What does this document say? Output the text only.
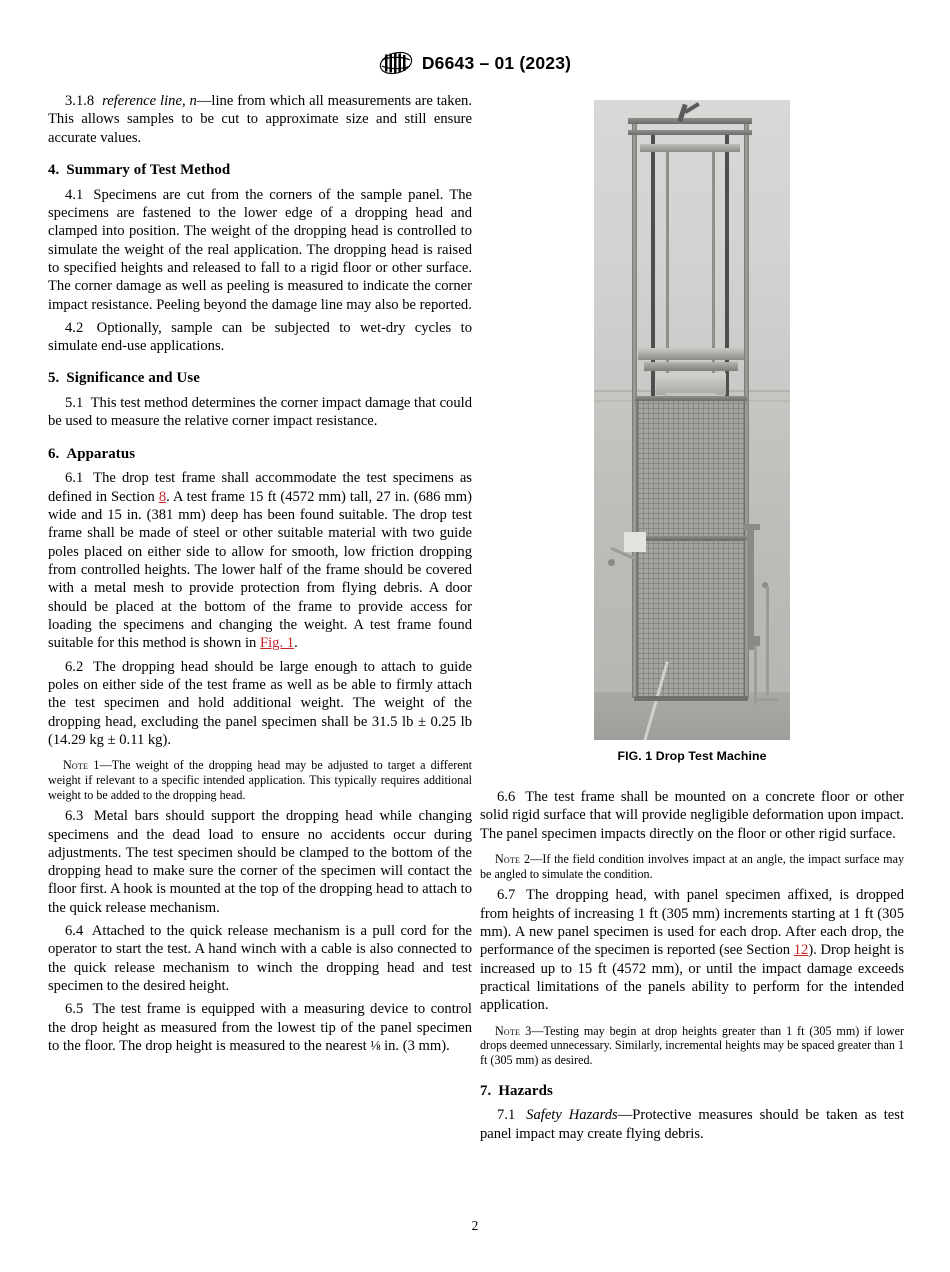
D6643 – 01 (2023)

3.1.8 reference line, n—line from which all measurements are taken. This allows samples to be cut to approximate size and still ensure accurate values.

4. Summary of Test Method

4.1 Specimens are cut from the corners of the sample panel. The specimens are fastened to the lower edge of a dropping head and clamped into position. The weight of the dropping head is controlled to simulate the weight of the real application. The dropping head is raised to specified heights and released to fall to a rigid floor or other surface. The corner damage as well as peeling is measured to indicate the corner impact resistance. Peeling beyond the damage line may also be reported.

4.2 Optionally, sample can be subjected to wet-dry cycles to simulate end-use applications.

5. Significance and Use

5.1 This test method determines the corner impact damage that could be used to measure the relative corner impact resistance.

6. Apparatus

6.1 The drop test frame shall accommodate the test specimens as defined in Section 8. A test frame 15 ft (4572 mm) tall, 27 in. (686 mm) wide and 15 in. (381 mm) deep has been found suitable. The drop test frame shall be made of steel or other suitable material with two guide poles placed on either side to allow for smooth, low friction dropping from controlled heights. The lower half of the frame should be covered with a metal mesh to provide protection from flying debris. A door should be placed at the bottom of the frame to provide access for loading the specimens and changing the weight. A test frame found suitable for this method is shown in Fig. 1.

6.2 The dropping head should be large enough to attach to guide poles on either side of the test frame as well as be able to firmly attach the test specimen and hold additional weight. The weight of the dropping head, excluding the panel specimen shall be 31.5 lb ± 0.25 lb (14.29 kg ± 0.11 kg).

Note 1—The weight of the dropping head may be adjusted to target a different weight if relevant to a specific intended application. This typically requires additional weight to be added to the dropping head.

6.3 Metal bars should support the dropping head while changing specimens and the dead load to ensure no accidents occur during adjustments. The test specimen should be clamped to the bottom of the dropping head to make sure the corner of the specimen will contact the floor first. A hook is mounted at the top of the dropping head to attach to the quick release mechanism.

6.4 Attached to the quick release mechanism is a pull cord for the operator to start the test. A hand winch with a cable is also connected to the quick release mechanism to winch the dropping head and test specimen to the desired height.

6.5 The test frame is equipped with a measuring device to control the drop height as measured from the lowest tip of the panel specimen to the floor. The drop height is measured to the nearest ⅛ in. (3 mm).

FIG. 1 Drop Test Machine

6.6 The test frame shall be mounted on a concrete floor or other solid rigid surface that will provide negligible deformation upon impact. The panel specimen impacts directly on the floor or other rigid surface.

Note 2—If the field condition involves impact at an angle, the impact surface may be angled to simulate the condition.

6.7 The dropping head, with panel specimen affixed, is dropped from heights of increasing 1 ft (305 mm) increments starting at 1 ft (305 mm). A new panel specimen is used for each drop. After each drop, the performance of the specimen is reported (see Section 12). Drop height is increased up to 15 ft (4572 mm), or until the impact damage exceeds practical limitations of the panels ability to perform for the intended application.

Note 3—Testing may begin at drop heights greater than 1 ft (305 mm) if lower drops deemed unnecessary. Similarly, incremental heights may be spaced greater than 1 ft (305 mm) as desired.

7. Hazards

7.1 Safety Hazards—Protective measures should be taken as test panel impact may create flying debris.

2
